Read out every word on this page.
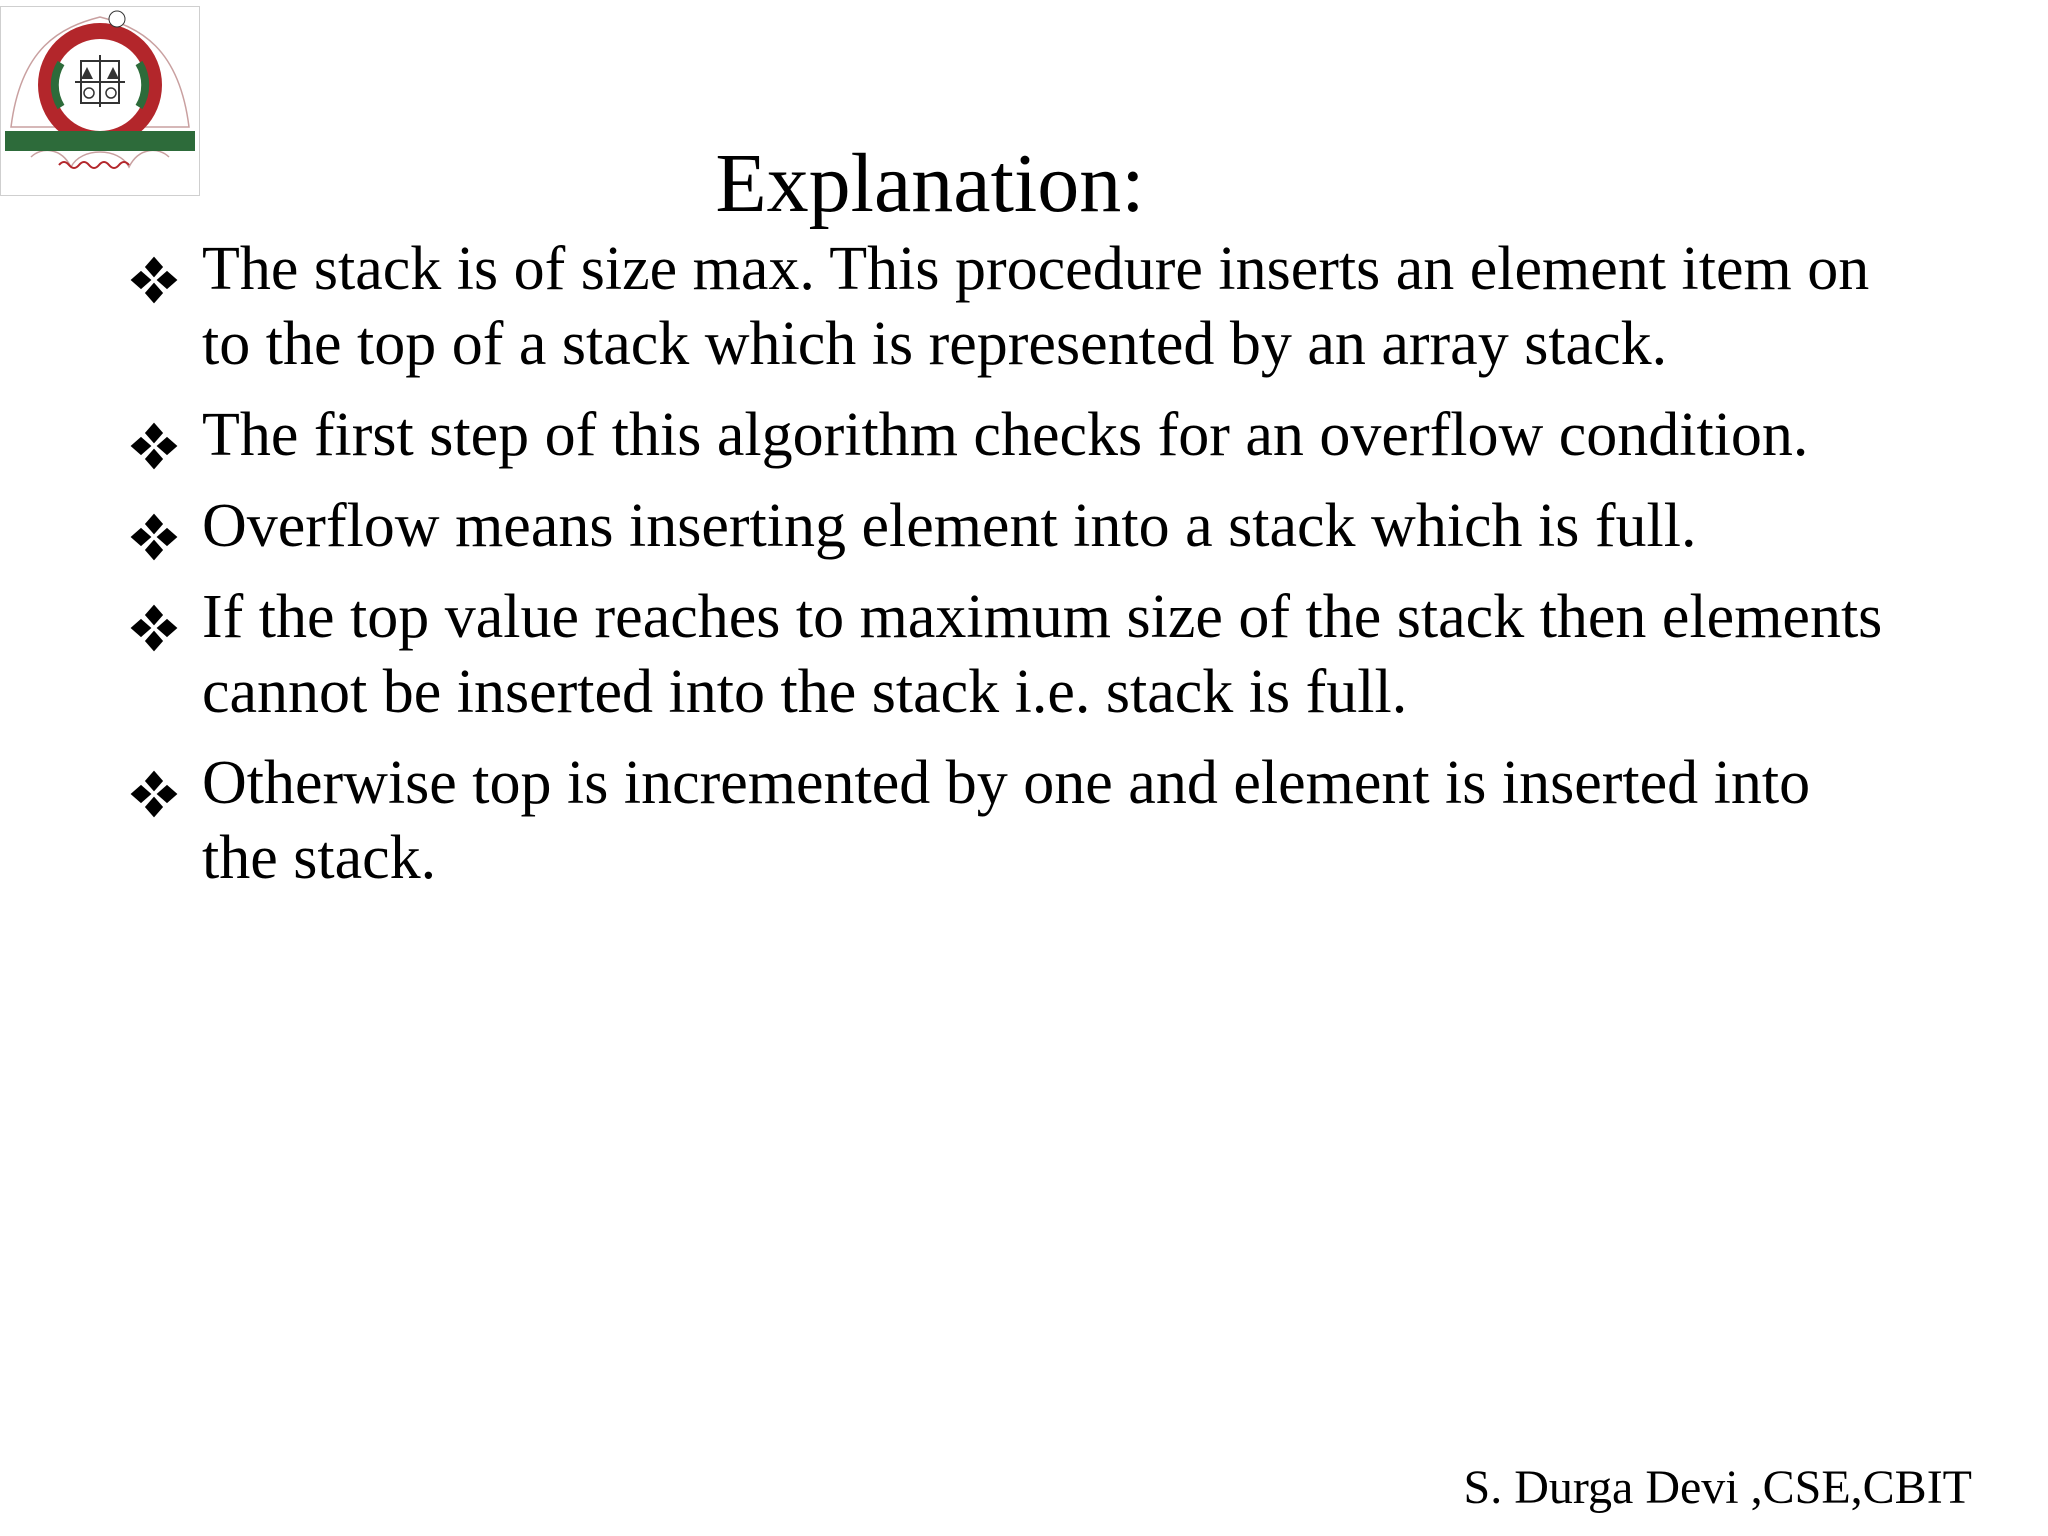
Explanation:
The stack is of size max. This procedure inserts an element item on to the top of a stack which is represented by an array stack.
The first step of this algorithm checks for an overflow condition.
Overflow means inserting element into a stack which is full.
If the top value reaches to maximum size of the stack then elements cannot be inserted into the stack i.e. stack is full.
Otherwise top is incremented by one and element is inserted into the stack.
S. Durga Devi ,CSE,CBIT
